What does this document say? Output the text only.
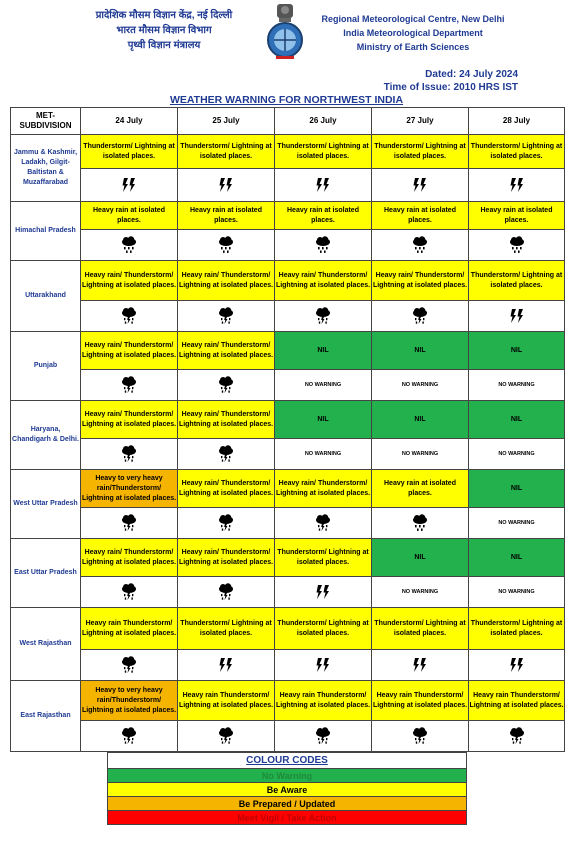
प्रादेशिक मौसम विज्ञान केंद्र, नई दिल्ली
भारत मौसम विज्ञान विभाग
पृथ्वी विज्ञान मंत्रालय
Regional Meteorological Centre, New Delhi
India Meteorological Department
Ministry of Earth Sciences
Dated: 24 July 2024
Time of Issue: 2010 HRS IST
WEATHER WARNING FOR NORTHWEST INDIA
MET-SUBDIVISION	24 July	25 July	26 July	27 July	28 July
Jammu & Kashmir, Ladakh, Gilgit-Baltistan & Muzaffarabad	Thunderstorm/ Lightning at isolated places.	Thunderstorm/ Lightning at isolated places.	Thunderstorm/ Lightning at isolated places.	Thunderstorm/ Lightning at isolated places.	Thunderstorm/ Lightning at isolated places.

Himachal Pradesh	Heavy rain at isolated places.	Heavy rain at isolated places.	Heavy rain at isolated places.	Heavy rain at isolated places.	Heavy rain at isolated places.

Uttarakhand	Heavy rain/ Thunderstorm/ Lightning at isolated places.	Heavy rain/ Thunderstorm/ Lightning at isolated places.	Heavy rain/ Thunderstorm/ Lightning at isolated places.	Heavy rain/ Thunderstorm/ Lightning at isolated places.	Thunderstorm/ Lightning at isolated places.

Punjab	Heavy rain/ Thunderstorm/ Lightning at isolated places.	Heavy rain/ Thunderstorm/ Lightning at isolated places.	NIL	NIL	NIL
		NO WARNING	NO WARNING	NO WARNING
Haryana, Chandigarh & Delhi.	Heavy rain/ Thunderstorm/ Lightning at isolated places.	Heavy rain/ Thunderstorm/ Lightning at isolated places.	NIL	NIL	NIL
		NO WARNING	NO WARNING	NO WARNING
West Uttar Pradesh	Heavy to very heavy rain/Thunderstorm/ Lightning at isolated places.	Heavy rain/ Thunderstorm/ Lightning at isolated places.	Heavy rain/ Thunderstorm/ Lightning at isolated places.	Heavy rain at isolated places.	NIL
				NO WARNING
East Uttar Pradesh	Heavy rain/ Thunderstorm/ Lightning at isolated places.	Heavy rain/ Thunderstorm/ Lightning at isolated places.	Thunderstorm/ Lightning at isolated places.	NIL	NIL
			NO WARNING	NO WARNING
West Rajasthan	Heavy rain Thunderstorm/ Lightning at isolated places.	Thunderstorm/ Lightning at isolated places.	Thunderstorm/ Lightning at isolated places.	Thunderstorm/ Lightning at isolated places.	Thunderstorm/ Lightning at isolated places.

East Rajasthan	Heavy to very heavy rain/Thunderstorm/ Lightning at isolated places.	Heavy rain Thunderstorm/ Lightning at isolated places.	Heavy rain Thunderstorm/ Lightning at isolated places.	Heavy rain Thunderstorm/ Lightning at isolated places.	Heavy rain Thunderstorm/ Lightning at isolated places.

COLOUR CODES
No Warning
Be Aware
Be Prepared / Updated
Meet Vigil / Take Action
